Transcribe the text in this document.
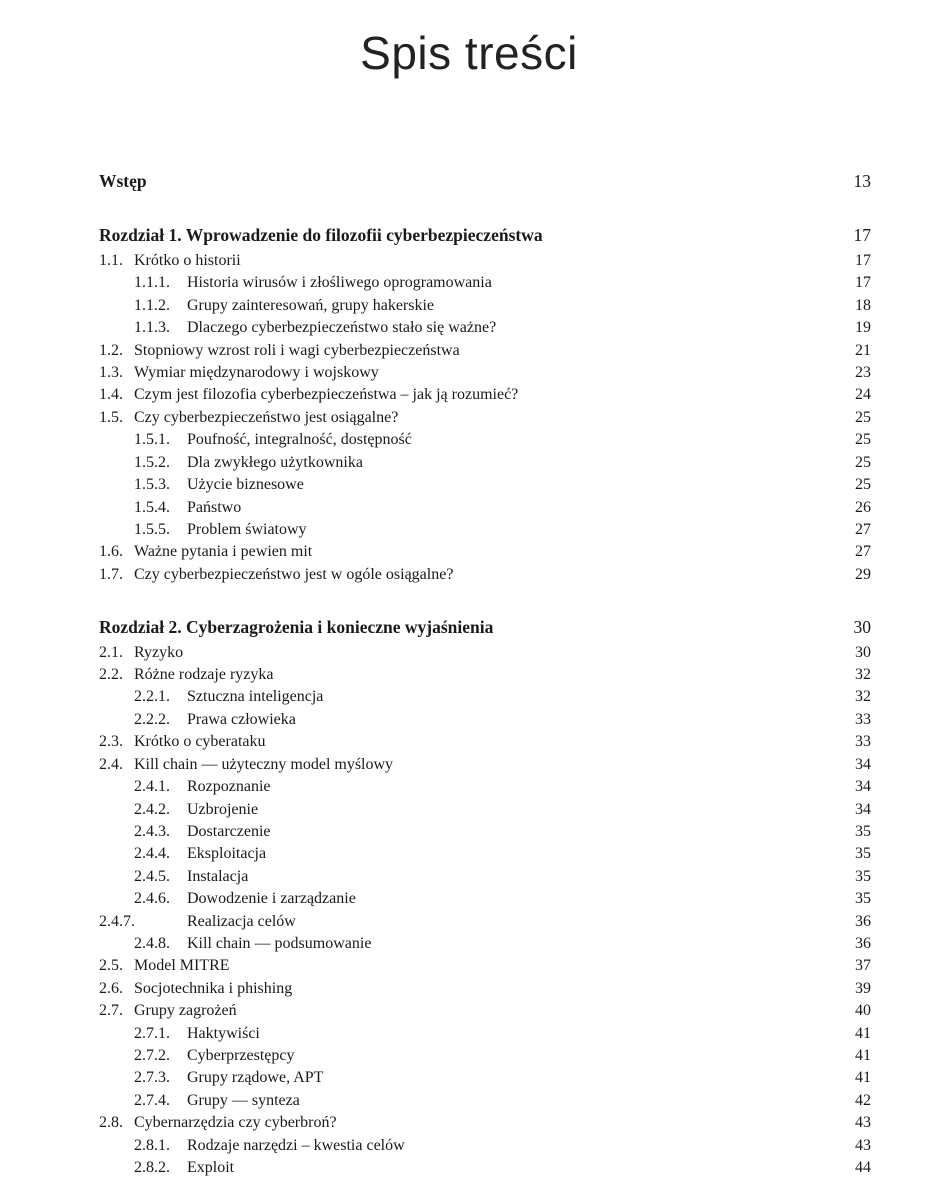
Spis treści
Wstęp	13
Rozdział 1. Wprowadzenie do filozofii cyberbezpieczeństwa	17
1.1. Krótko o historii	17
1.1.1. Historia wirusów i złośliwego oprogramowania	17
1.1.2. Grupy zainteresowań, grupy hakerskie	18
1.1.3. Dlaczego cyberbezpieczeństwo stało się ważne?	19
1.2. Stopniowy wzrost roli i wagi cyberbezpieczeństwa	21
1.3. Wymiar międzynarodowy i wojskowy	23
1.4. Czym jest filozofia cyberbezpieczeństwa – jak ją rozumieć?	24
1.5. Czy cyberbezpieczeństwo jest osiągalne?	25
1.5.1. Poufność, integralność, dostępność	25
1.5.2. Dla zwykłego użytkownika	25
1.5.3. Użycie biznesowe	25
1.5.4. Państwo	26
1.5.5. Problem światowy	27
1.6. Ważne pytania i pewien mit	27
1.7. Czy cyberbezpieczeństwo jest w ogóle osiągalne?	29
Rozdział 2. Cyberzagrożenia i konieczne wyjaśnienia	30
2.1. Ryzyko	30
2.2. Różne rodzaje ryzyka	32
2.2.1. Sztuczna inteligencja	32
2.2.2. Prawa człowieka	33
2.3. Krótko o cyberataku	33
2.4. Kill chain — użyteczny model myślowy	34
2.4.1. Rozpoznanie	34
2.4.2. Uzbrojenie	34
2.4.3. Dostarczenie	35
2.4.4. Eksploitacja	35
2.4.5. Instalacja	35
2.4.6. Dowodzenie i zarządzanie	35
2.4.7.	Realizacja celów	36
2.4.8. Kill chain — podsumowanie	36
2.5. Model MITRE	37
2.6. Socjotechnika i phishing	39
2.7. Grupy zagrożeń	40
2.7.1. Haktywiści	41
2.7.2. Cyberprzestępcy	41
2.7.3. Grupy rządowe, APT	41
2.7.4. Grupy — synteza	42
2.8. Cybernarzędzia czy cyberbroń?	43
2.8.1. Rodzaje narzędzi – kwestia celów	43
2.8.2. Exploit	44
